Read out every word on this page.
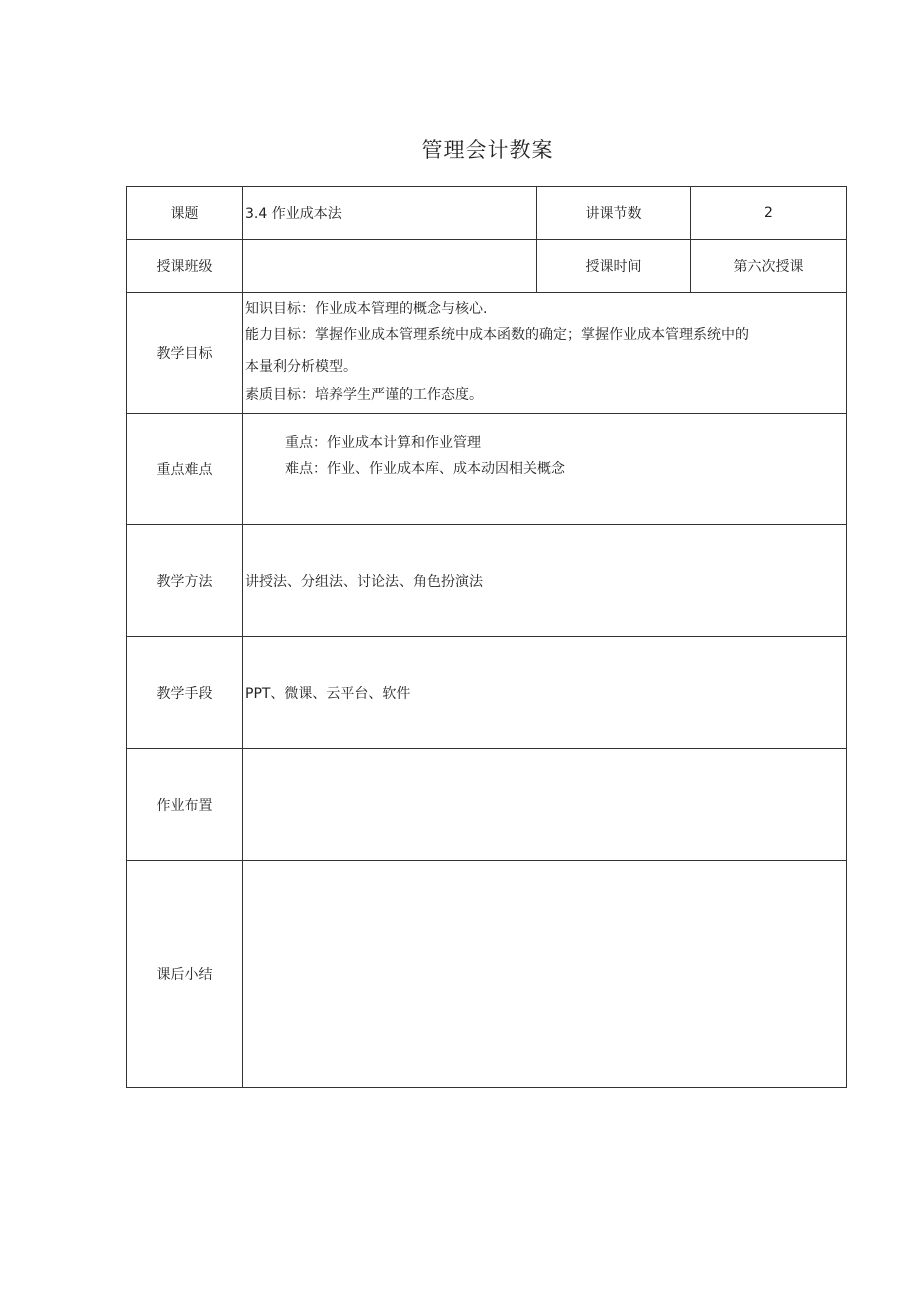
管理会计教案
课题	3.4 作业成本法	讲课节数	2
授课班级		授课时间	第六次授课
教学目标	知识目标：作业成本管理的概念与核心.
能力目标：掌握作业成本管理系统中成本函数的确定；掌握作业成本管理系统中的
本量利分析模型。
素质目标：培养学生严谨的工作态度。		

重点难点	重点：作业成本计算和作业管理
难点：作业、作业成本库、成本动因相关概念		

教学方法	讲授法、分组法、讨论法、角色扮演法		
教学手段	PPT、微课、云平台、软件		
作业布置			
课后小结			
